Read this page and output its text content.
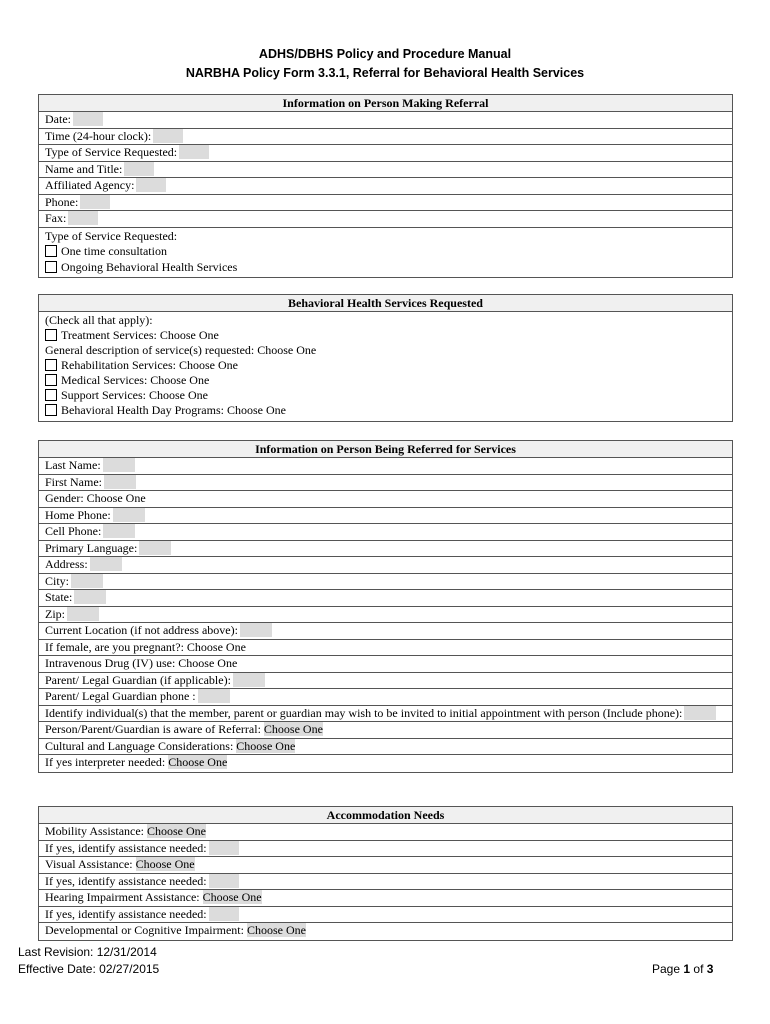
ADHS/DBHS Policy and Procedure Manual
NARBHA Policy Form 3.3.1, Referral for Behavioral Health Services
Information on Person Making Referral
Date:
Time (24-hour clock):
Type of Service Requested:
Name and Title:
Affiliated Agency:
Phone:
Fax:
Type of Service Requested:
One time consultation
Ongoing Behavioral Health Services
Behavioral Health Services Requested
(Check all that apply):
Treatment Services: Choose One
General description of service(s) requested: Choose One
Rehabilitation Services: Choose One
Medical Services: Choose One
Support Services: Choose One
Behavioral Health Day Programs: Choose One
Information on Person Being Referred for Services
Last Name:
First Name:
Gender: Choose One
Home Phone:
Cell Phone:
Primary Language:
Address:
City:
State:
Zip:
Current Location (if not address above):
If female, are you pregnant?: Choose One
Intravenous Drug (IV) use: Choose One
Parent/ Legal Guardian (if applicable):
Parent/ Legal Guardian phone :
Identify individual(s) that the member, parent or guardian may wish to be invited to initial appointment with person (Include phone):
Person/Parent/Guardian is aware of Referral: Choose One
Cultural and Language Considerations: Choose One
If yes interpreter needed: Choose One
Accommodation Needs
Mobility Assistance: Choose One
If yes, identify assistance needed:
Visual Assistance: Choose One
If yes, identify assistance needed:
Hearing Impairment Assistance: Choose One
If yes, identify assistance needed:
Developmental or Cognitive Impairment: Choose One
Last Revision: 12/31/2014
Effective Date: 02/27/2015	Page 1 of 3
